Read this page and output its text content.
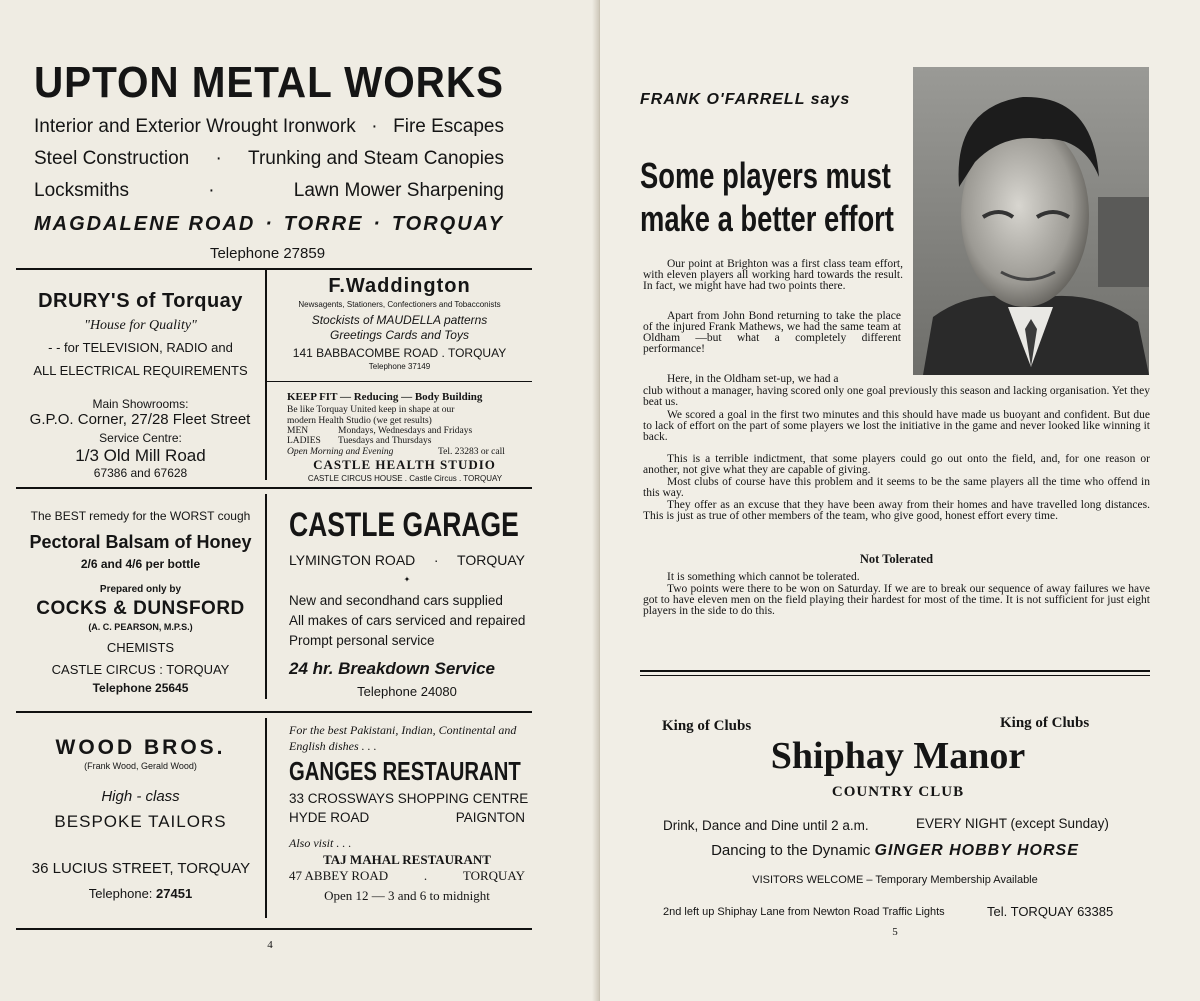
UPTON METAL WORKS
Interior and Exterior Wrought Ironwork · Fire Escapes
Steel Construction · Trunking and Steam Canopies
Locksmiths	·	Lawn Mower Sharpening
MAGDALENE ROAD · TORRE · TORQUAY
Telephone 27859
DRURY'S of Torquay
"House for Quality"
- - for TELEVISION, RADIO and
ALL ELECTRICAL REQUIREMENTS
Main Showrooms:
G.P.O. Corner, 27/28 Fleet Street
Service Centre:
1/3 Old Mill Road
67386 and 67628
F.Waddington
Newsagents, Stationers, Confectioners and Tobacconists
Stockists of MAUDELLA patterns
Greetings Cards and Toys
141 BABBACOMBE ROAD . TORQUAY
Telephone 37149
KEEP FIT — Reducing — Body Building
Be like Torquay United keep in shape at our
modern Health Studio (we get results)
MEN	Mondays, Wednesdays and Fridays
LADIES Tuesdays and Thursdays
Open Morning and Evening	Tel. 23283 or call
CASTLE HEALTH STUDIO
CASTLE CIRCUS HOUSE . Castle Circus . TORQUAY
The BEST remedy for the WORST cough
Pectoral Balsam of Honey
2/6 and 4/6 per bottle
Prepared only by
COCKS & DUNSFORD
(A. C. PEARSON, M.P.S.)
CHEMISTS
CASTLE CIRCUS : TORQUAY
Telephone 25645
CASTLE GARAGE
LYMINGTON ROAD · TORQUAY
✦
New and secondhand cars supplied
All makes of cars serviced and repaired
Prompt personal service
24 hr. Breakdown Service
Telephone 24080
WOOD BROS.
(Frank Wood, Gerald Wood)
High - class
BESPOKE TAILORS
36 LUCIUS STREET, TORQUAY
Telephone: 27451
For the best Pakistani, Indian, Continental and English dishes . . .
GANGES RESTAURANT
33 CROSSWAYS SHOPPING CENTRE
HYDE ROAD	PAIGNTON
Also visit . . .
TAJ MAHAL RESTAURANT
47 ABBEY ROAD	.	TORQUAY
Open 12 — 3 and 6 to midnight
4
FRANK O'FARRELL says
Some players must
make a better effort
Our point at Brighton was a first class team effort, with eleven players all working hard towards the result. In fact, we might have had two points there.
Apart from John Bond returning to take the place of the injured Frank Mathews, we had the same team at Oldham —but what a completely different performance!
Here, in the Oldham set-up, we had a
club without a manager, having scored only one goal previously this season and lacking organisation. Yet they beat us.
We scored a goal in the first two minutes and this should have made us buoyant and confident. But due to lack of effort on the part of some players we lost the initiative in the game and never looked like winning it back.
This is a terrible indictment, that some players could go out onto the field, and, for one reason or another, not give what they are capable of giving.
Most clubs of course have this problem and it seems to be the same players all the time who offend in this way.
They offer as an excuse that they have been away from their homes and have travelled long distances. This is just as true of other members of the team, who give good, honest effort every time.
Not Tolerated
It is something which cannot be tolerated.
Two points were there to be won on Saturday. If we are to break our sequence of away failures we have got to have eleven men on the field playing their hardest for most of the time. It is not sufficient for just eight players in the side to do this.
King of Clubs	King of Clubs
Shiphay Manor
COUNTRY CLUB
Drink, Dance and Dine until 2 a.m.	EVERY NIGHT (except Sunday)
Dancing to the Dynamic GINGER HOBBY HORSE
VISITORS WELCOME – Temporary Membership Available
2nd left up Shiphay Lane from Newton Road Traffic Lights	Tel. TORQUAY 63385
5
